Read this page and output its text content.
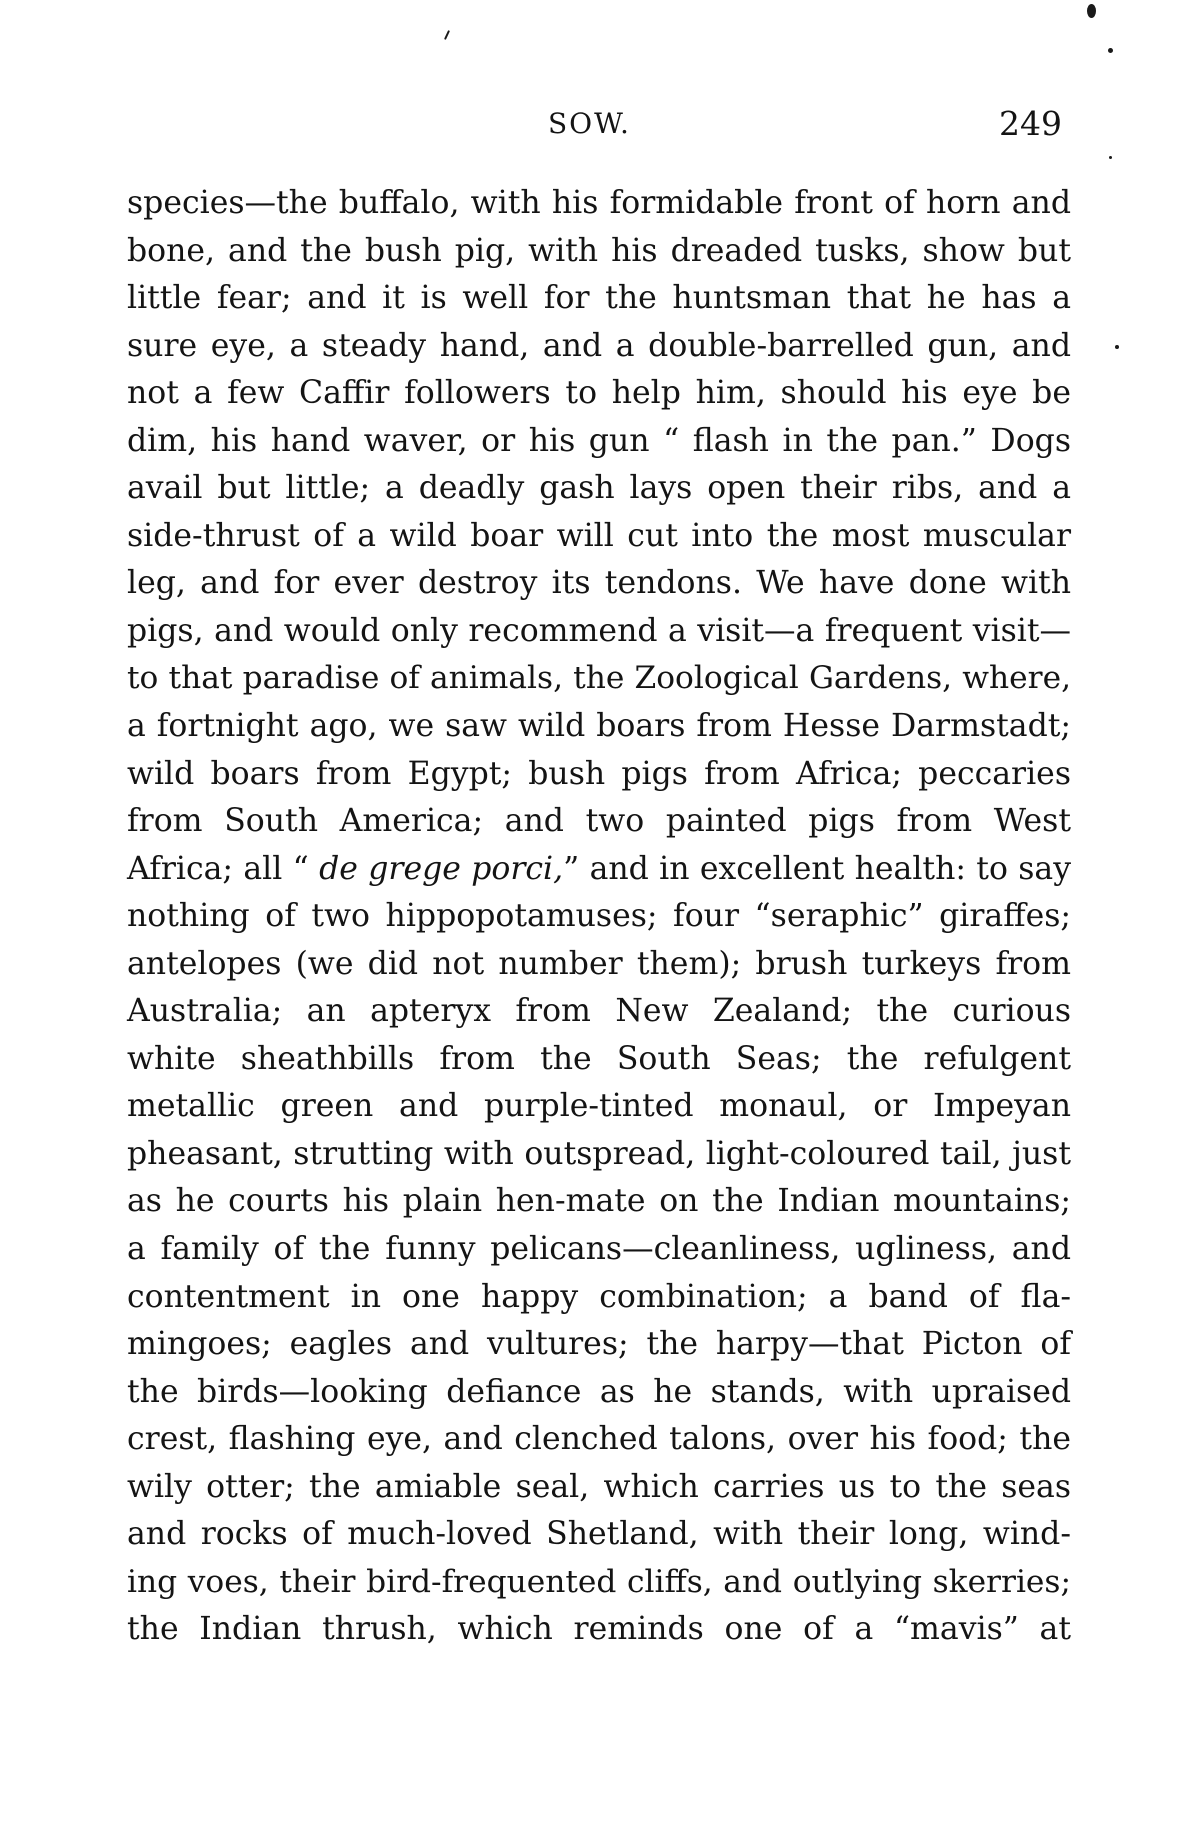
SOW.	249
species—the buffalo, with his formidable front of horn and
bone, and the bush pig, with his dreaded tusks, show but
little fear; and it is well for the huntsman that he has a
sure eye, a steady hand, and a double-barrelled gun, and
not a few Caffir followers to help him, should his eye be
dim, his hand waver, or his gun “ flash in the pan.” Dogs
avail but little; a deadly gash lays open their ribs, and a
side-thrust of a wild boar will cut into the most muscular
leg, and for ever destroy its tendons. We have done with
pigs, and would only recommend a visit—a frequent visit—
to that paradise of animals, the Zoological Gardens, where,
a fortnight ago, we saw wild boars from Hesse Darmstadt;
wild boars from Egypt; bush pigs from Africa; peccaries
from South America; and two painted pigs from West
Africa; all “ de grege porci,” and in excellent health: to say
nothing of two hippopotamuses; four “seraphic” giraffes;
antelopes (we did not number them); brush turkeys from
Australia; an apteryx from New Zealand; the curious
white sheathbills from the South Seas; the refulgent
metallic green and purple-tinted monaul, or Impeyan
pheasant, strutting with outspread, light-coloured tail, just
as he courts his plain hen-mate on the Indian mountains;
a family of the funny pelicans—cleanliness, ugliness, and
contentment in one happy combination; a band of fla-
mingoes; eagles and vultures; the harpy—that Picton of
the birds—looking defiance as he stands, with upraised
crest, flashing eye, and clenched talons, over his food; the
wily otter; the amiable seal, which carries us to the seas
and rocks of much-loved Shetland, with their long, wind-
ing voes, their bird-frequented cliffs, and outlying skerries;
the Indian thrush, which reminds one of a “mavis” at
